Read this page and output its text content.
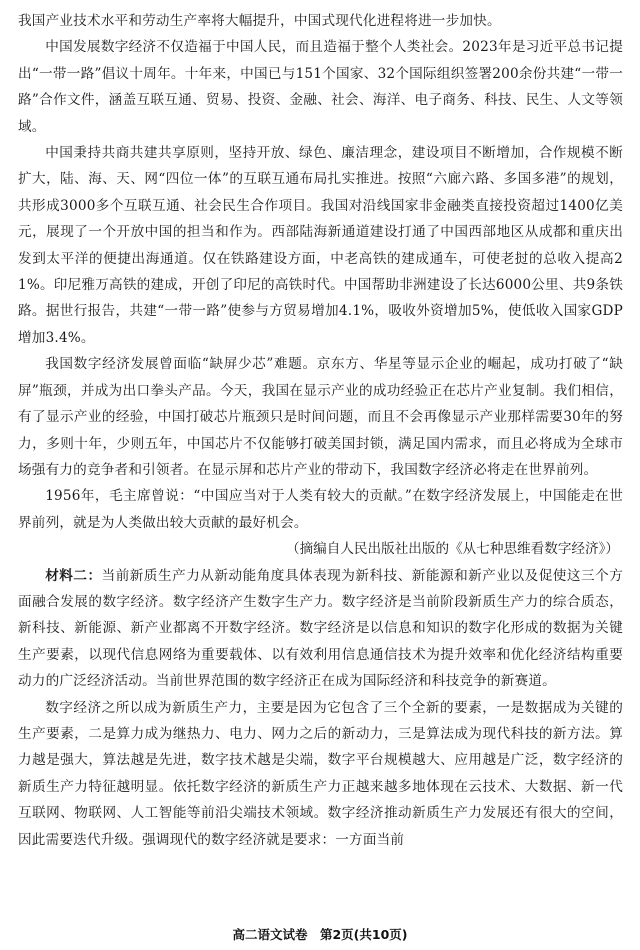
我国产业技术水平和劳动生产率将大幅提升，中国式现代化进程将进一步加快。

中国发展数字经济不仅造福于中国人民，而且造福于整个人类社会。2023年是习近平总书记提出“一带一路”倡议十周年。十年来，中国已与151个国家、32个国际组织签署200余份共建“一带一路”合作文件，涵盖互联互通、贸易、投资、金融、社会、海洋、电子商务、科技、民生、人文等领域。

中国秉持共商共建共享原则，坚持开放、绿色、廉洁理念，建设项目不断增加，合作规模不断扩大，陆、海、天、网“四位一体”的互联互通布局扎实推进。按照“六廊六路、多国多港”的规划，共形成3000多个互联互通、社会民生合作项目。我国对沿线国家非金融类直接投资超过1400亿美元，展现了一个开放中国的担当和作为。西部陆海新通道建设打通了中国西部地区从成都和重庆出发到太平洋的便捷出海通道。仅在铁路建设方面，中老高铁的建成通车，可使老挝的总收入提高21%。印尼雅万高铁的建成，开创了印尼的高铁时代。中国帮助非洲建设了长达6000公里、共9条铁路。据世行报告，共建“一带一路”使参与方贸易增加4.1%，吸收外资增加5%，使低收入国家GDP增加3.4%。

我国数字经济发展曾面临“缺屏少芯”难题。京东方、华星等显示企业的崛起，成功打破了“缺屏”瓶颈，并成为出口拳头产品。今天，我国在显示产业的成功经验正在芯片产业复制。我们相信，有了显示产业的经验，中国打破芯片瓶颈只是时间问题，而且不会再像显示产业那样需要30年的努力，多则十年，少则五年，中国芯片不仅能够打破美国封锁，满足国内需求，而且必将成为全球市场强有力的竞争者和引领者。在显示屏和芯片产业的带动下，我国数字经济必将走在世界前列。

1956年，毛主席曾说：“中国应当对于人类有较大的贡献。”在数字经济发展上，中国能走在世界前列，就是为人类做出较大贡献的最好机会。

（摘编自人民出版社出版的《从七种思维看数字经济》）

材料二：当前新质生产力从新动能角度具体表现为新科技、新能源和新产业以及促使这三个方面融合发展的数字经济。数字经济产生数字生产力。数字经济是当前阶段新质生产力的综合质态，新科技、新能源、新产业都离不开数字经济。数字经济是以信息和知识的数字化形成的数据为关键生产要素，以现代信息网络为重要载体、以有效利用信息通信技术为提升效率和优化经济结构重要动力的广泛经济活动。当前世界范围的数字经济正在成为国际经济和科技竞争的新赛道。

数字经济之所以成为新质生产力，主要是因为它包含了三个全新的要素，一是数据成为关键的生产要素，二是算力成为继热力、电力、网力之后的新动力，三是算法成为现代科技的新方法。算力越是强大，算法越是先进，数字技术越是尖端，数字平台规模越大、应用越是广泛，数字经济的新质生产力特征越明显。依托数字经济的新质生产力正越来越多地体现在云技术、大数据、新一代互联网、物联网、人工智能等前沿尖端技术领域。数字经济推动新质生产力发展还有很大的空间，因此需要迭代升级。强调现代的数字经济就是要求：一方面当前

高二语文试卷　第2页(共10页)
